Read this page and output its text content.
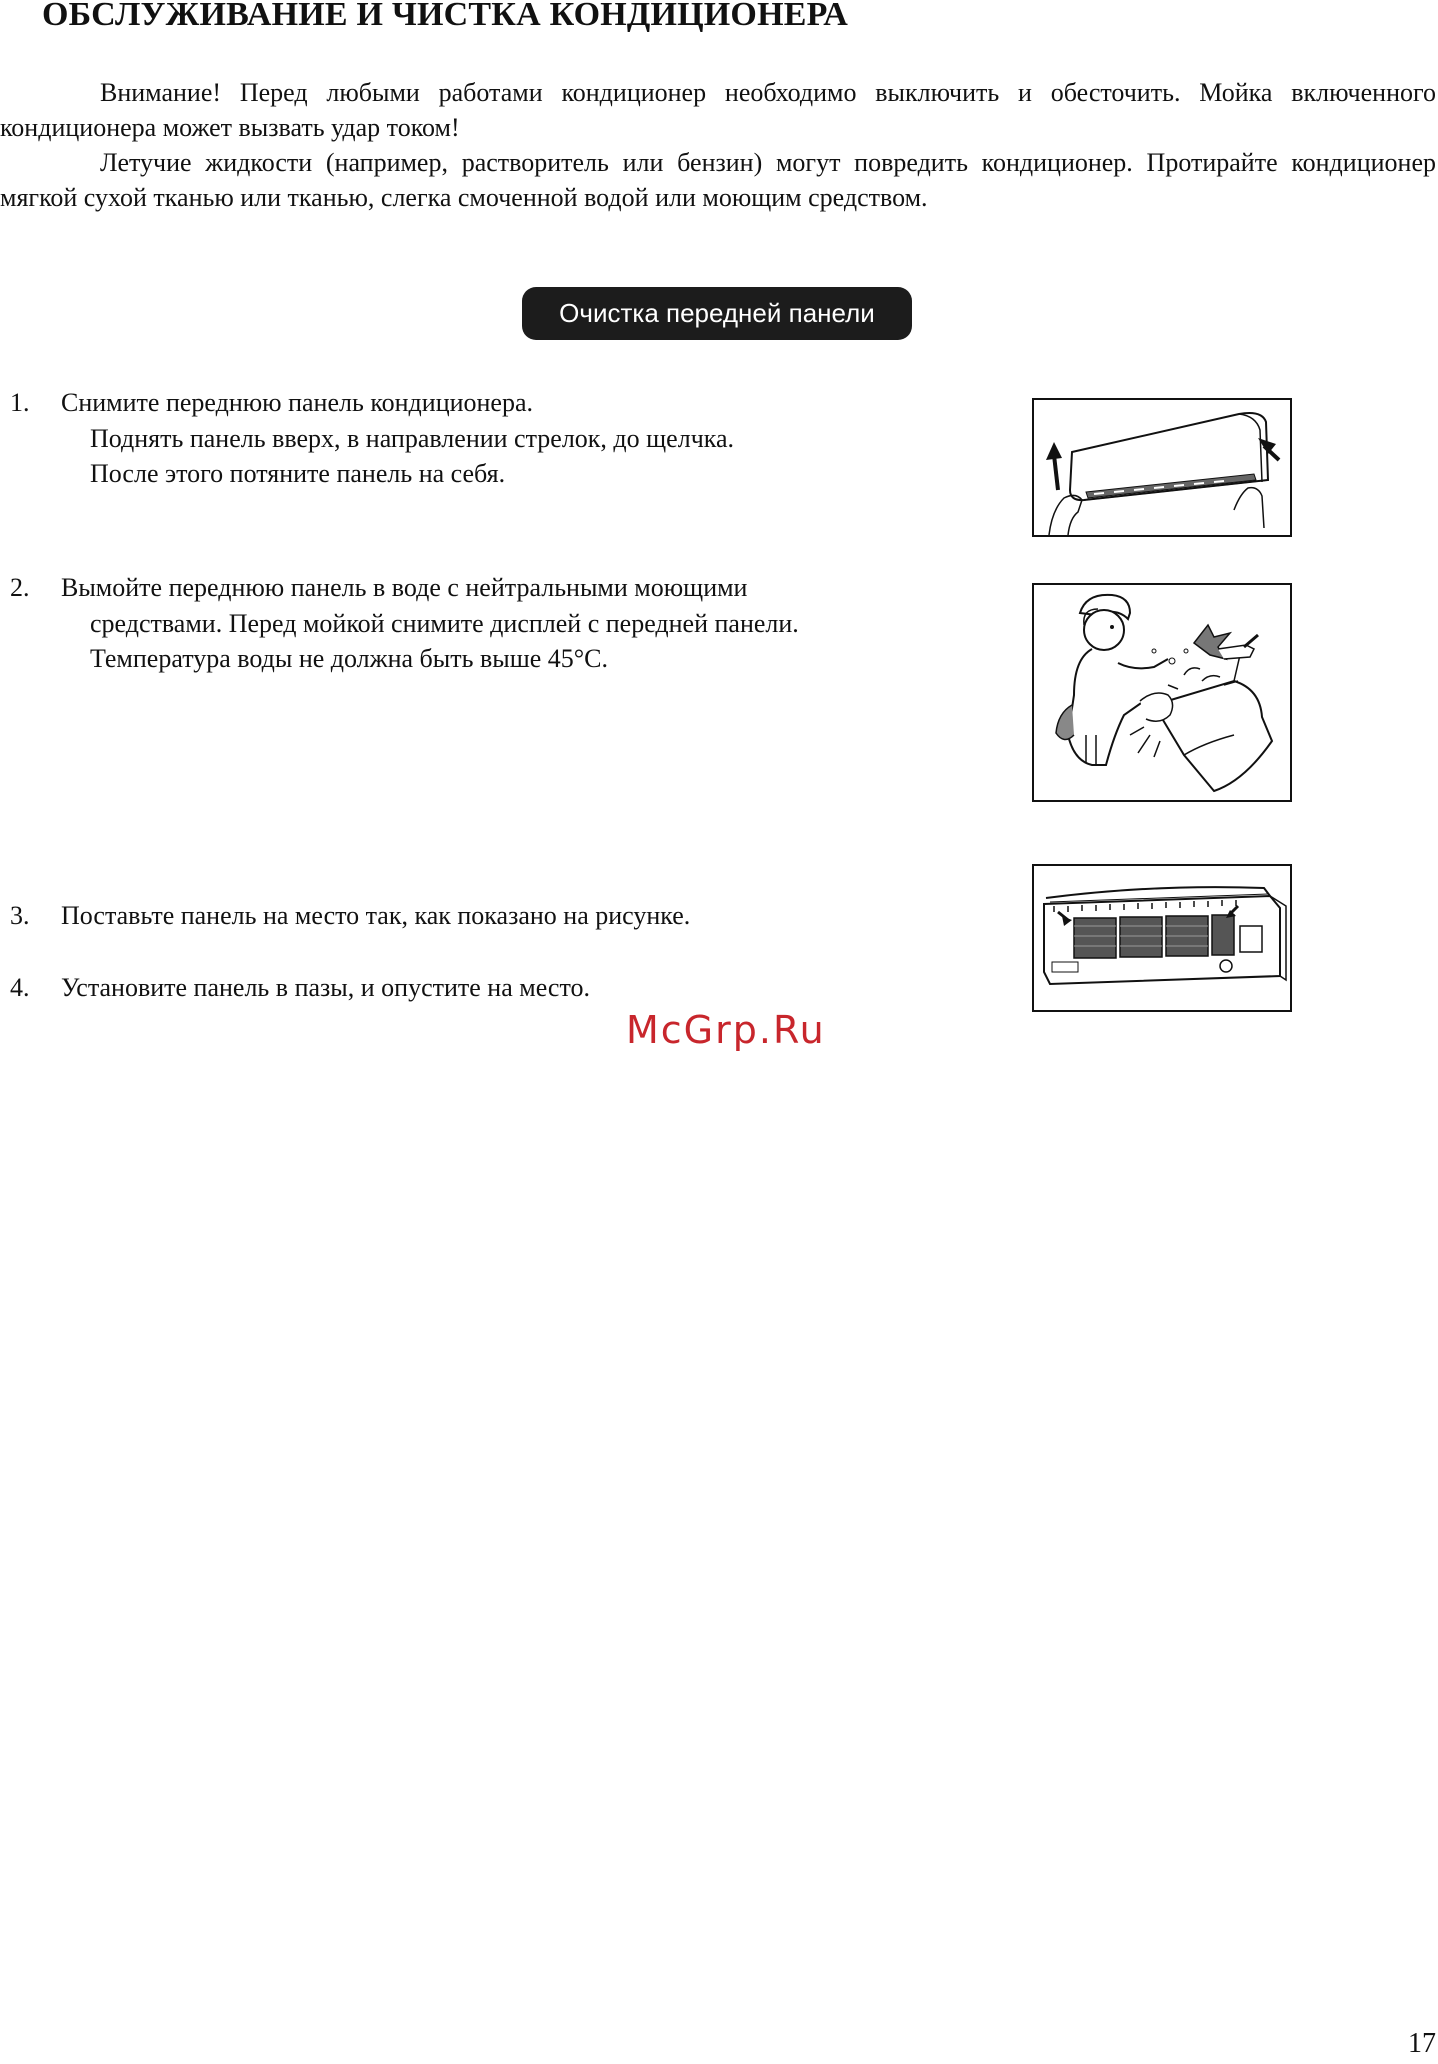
ОБСЛУЖИВАНИЕ И ЧИСТКА КОНДИЦИОНЕРА

Внимание! Перед любыми работами кондиционер необходимо выключить и обесточить. Мойка включенного кондиционера может вызвать удар током!

Летучие жидкости (например, растворитель или бензин) могут повредить кондиционер. Протирайте кондиционер мягкой сухой тканью или тканью, слегка смоченной водой или моющим средством.

Очистка передней панели
1. Снимите переднюю панель кондиционера.
Поднять панель вверх, в направлении стрелок, до щелчка.
После этого потяните панель на себя.
2. Вымойте переднюю панель в воде с нейтральными моющими
средствами. Перед мойкой снимите дисплей с передней панели.
Температура воды не должна быть выше 45°C.
3. Поставьте панель на место так, как показано на рисунке.
4. Установите панель в пазы, и опустите на место.
McGrp.Ru
17
